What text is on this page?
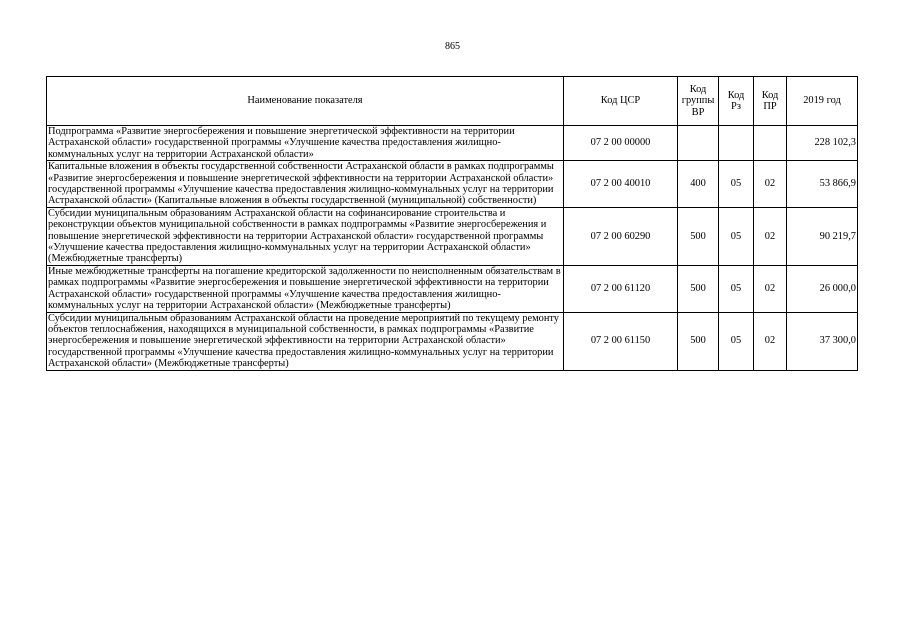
865
Наименование показателя	Код ЦСР	Код
группы
ВР	Код
Рз	Код
ПР	2019 год
Подпрограмма «Развитие энергосбережения и повышение энергетической эффективности на территории Астраханской области» государственной программы «Улучшение качества предоставления жилищно-коммунальных услуг на территории Астраханской области»	07 2 00 00000				228 102,3
Капитальные вложения в объекты государственной собственности Астраханской области в рамках подпрограммы «Развитие энергосбережения и повышение энергетической эффективности на территории Астраханской области» государственной программы «Улучшение качества предоставления жилищно-коммунальных услуг на территории Астраханской области» (Капитальные вложения в объекты государственной (муниципальной) собственности)	07 2 00 40010	400	05	02	53 866,9
Субсидии муниципальным образованиям Астраханской области на софинансирование строительства и реконструкции объектов муниципальной собственности в рамках подпрограммы «Развитие энергосбережения и повышение энергетической эффективности на территории Астраханской области» государственной программы «Улучшение качества предоставления жилищно-коммунальных услуг на территории Астраханской области» (Межбюджетные трансферты)	07 2 00 60290	500	05	02	90 219,7
Иные межбюджетные трансферты на погашение кредиторской задолженности по неисполненным обязательствам в рамках подпрограммы «Развитие энергосбережения и повышение энергетической эффективности на территории Астраханской области» государственной программы «Улучшение качества предоставления жилищно-коммунальных услуг на территории Астраханской области» (Межбюджетные трансферты)	07 2 00 61120	500	05	02	26 000,0
Субсидии муниципальным образованиям Астраханской области на проведение мероприятий по текущему ремонту объектов теплоснабжения, находящихся в муниципальной собственности, в рамках подпрограммы «Развитие энергосбережения и повышение энергетической эффективности на территории Астраханской области» государственной программы «Улучшение качества предоставления жилищно-коммунальных услуг на территории Астраханской области» (Межбюджетные трансферты)	07 2 00 61150	500	05	02	37 300,0
